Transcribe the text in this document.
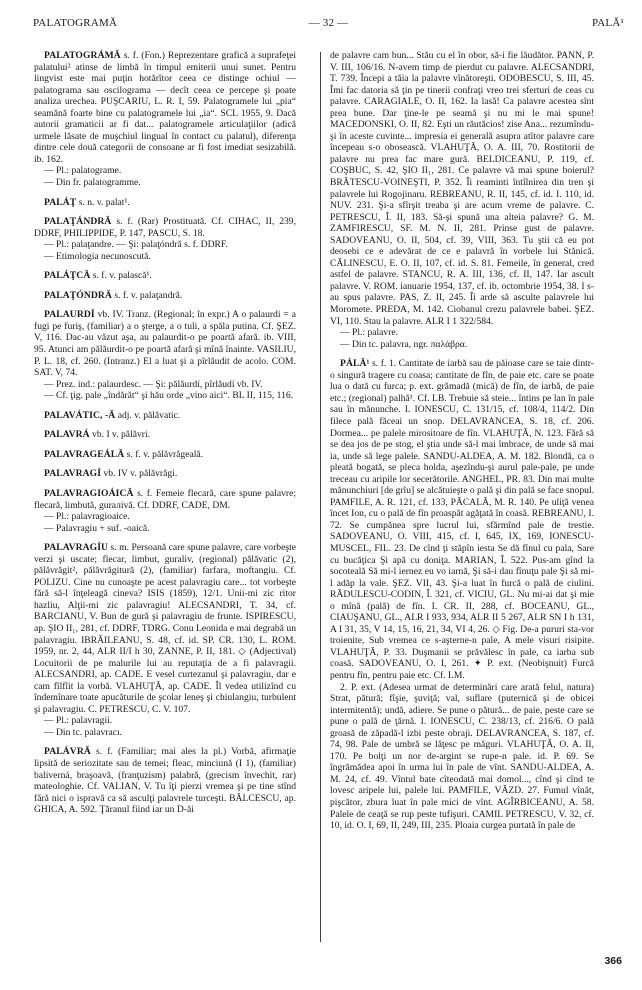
PALATOGRAMĂ	— 32 —	PALĂ¹

PALATOGRÁMĂ s. f. (Fon.) Reprezentare grafică a suprafeţei palatului² atinse de limbă în timpul emiterii unui sunet. Pentru lingvist este mai puţin hotărîtor ceea ce distinge ochiul — palatograma sau oscilograma — decît ceea ce percepe şi poate analiza urechea. PUŞCARIU, L. R. I, 59. Palatogramele lui „pia“ seamănă foarte bine cu palatogramele lui „ia“. SCL 1955, 9. Dacă autorii gramaticii ar fi dat... palatogramele articulaţiilor (adică urmele lăsate de muşchiul lingual în contact cu palatul), diferenţa dintre cele două categorii de consoane ar fi fost imediat sesizabilă. ib. 162.

— Pl.: palatograme.

— Din fr. palatogramme.

PALÁŢ s. n. v. palat¹.

PALAŢÁNDRĂ s. f. (Rar) Prostituată. Cf. CIHAC, II, 239, DDRF, PHILIPPIDE, P. 147, PASCU, S. 18.

— Pl.: palaţandre. — Şi: palaţóndră s. f. DDRF.

— Etimologia necunoscută.

PALÁŢCĂ s. f. v. palască¹.

PALAŢÓNDRĂ s. f. v. palaţandră.

PALAURDÍ vb. IV. Tranz. (Regional; în expr.) A o palaurdi = a fugi pe furiş, (familiar) a o şterge, a o tuli, a spăla putina. Cf. ŞEZ. V, 116. Dac-au văzut aşa, au palaurdit-o pe poartă afară. ib. VIII, 95. Atunci am pălăurdit-o pe poartă afară şi mînă înainte. VASILIU, P. L. 18, cf. 260. (Intranz.) El a luat şi a pîrlăudit de acolo. COM. SAT. V, 74.

— Prez. ind.: palaurdesc. — Şi: pălăurdí, pîrlăudí vb. IV.

— Cf. ţig. pale „îndărăt“ şi hău orde „vino aici“. BL II, 115, 116.

PALAVÁTIC, -Ă adj. v. pălăvatic.

PALAVRÁ vb. I v. pălăvri.

PALAVRAGEÁLĂ s. f. v. pălăvrăgeală.

PALAVRAGÍ vb. IV v. pălăvrăgi.

PALAVRAGIOÁICĂ s. f. Femeie flecară, care spune palavre; flecară, limbută, gurалivă. Cf. DDRF, CADE, DM.

— Pl.: palavragioaice.

— Palavragiu + suf. -oaică.

PALAVRAGÍU s. m. Persoană care spune palavre, care vorbeşte verzi şi uscate; flecar, limbut, guraliv, (regional) pălăvatic (2), pălăvrăgit², pălăvrăgitură (2), (familiar) farfara, moftangiu. Cf. POLIZU. Cine nu cunoaşte pe acest palavragiu care... tot vorbeşte fără să-l înţeleagă cineva? ISIS (1859), 12/1. Unii-mi zic ritor hazliu, Alţii-mi zic palavragiu! ALECSANDRI, T. 34, cf. BARCIANU, V. Bun de gură şi palavragiu de frunte. ISPIRESCU, ap. ŞIO II₁, 281, cf. DDRF, TDRG. Conu Leonida e mai degrabă un palavragiu. IBRĂILEANU, S. 48, cf. id. SP. CR. 130, L. ROM. 1959, nr. 2, 44, ALR II/I h 30, ZANNE, P. II, 181. ◇ (Adjectival) Locuitorii de pe malurile lui au reputaţia de a fi palavragii. ALECSANDRI, ap. CADE. E vesel curtezanul şi palavragiu, dar e cam fîlfîit la vorbă. VLAHUŢĂ, ap. CADE. Îl vedea utilizînd cu îndemînare toate apucăturile de şcolar leneş şi chiulangiu, turbulent şi palavragiu. C. PETRESCU, C. V. 107.

— Pl.: palavragii.

— Din tc. palavracı.

PALÁVRĂ s. f. (Familiar; mai ales la pl.) Vorbă, afirmaţie lipsită de seriozitate sau de temei; fleac, minciună (I 1), (familiar) baliverná, braşoavă, (franţuzism) palabră, (grecism învechit, rar) mateologhie. Cf. VALIAN, V. Tu îţi pierzi vremea şi pe tine stînd fără nici o ispravă ca să asculţi palavrele turceşti. BĂLCESCU, ap. GHICA, A. 592. Ţăranul fiind iar un D-ăi

de palavre cam bun... Stău cu el în obor, să-i fie lăudător. PANN, P. V. III, 106/16. N-avem timp de pierdut cu palavre. ALECSANDRI, T. 739. Începi a tăia la palavre vînătoreşti. ODOBESCU, S. III, 45. Îmi fac datoria să ţin pe tinerii confraţi vreo trei sferturi de ceas cu palavre. CARAGIALE, O. II, 162. Ia lasă! Ca palavre acestea sînt prea bune. Dar ţine-le pe seamă şi nu mi le mai spune! MACEDONSKI, O. II, 82. Eşti un răutăcios! zise Ana... rezumîndu-şi în aceste cuvinte... impresia ei generală asupra atîtor palavre care începeau s-o obosească. VLAHUŢĂ, O. A. III, 70. Rostitorii de palavre nu prea fac mare gură. BELDICEANU, P. 119, cf. COŞBUC, S. 42, ŞIO II₁, 281. Ce palavre vă mai spune boierul? BRĂTESCU-VOINEŞTI, P. 352. Îi reaminti întîlnirea din tren şi palavrele lui Rogojinaru. REBREANU, R. II, 145, cf. id. I. 110, id. NUV. 231. Şi-a sfîrşit treaba şi are acum vreme de palavre. C. PETRESCU, Î. II, 183. Să-şi spună una alteia palavre? G. M. ZAMFIRESCU, SF. M. N. II, 281. Prinse gust de palavre. SADOVEANU, O. II, 504, cf. 39, VIII, 363. Tu ştii că eu pot deosebi ce e adevărat de ce e palavră în vorbele lui Stănică. CĂLINESCU, E. O. II, 107, cf. id. S. 81. Femeile, în general, cred astfel de palavre. STANCU, R. A. III, 136, cf. II, 147. Iar ascult palavre. V. ROM. ianuarie 1954, 137, cf. ib. octombrie 1954, 38. I s-au spus palavre. PAS, Z. II, 245. Îi arde să asculte palavrele lui Moromete. PREDA, M. 142. Ciobanul crezu palavrele babei. ŞEZ. VI, 110. Stau la palavre. ALR I 1 322/584.

— Pl.: palavre.

— Din tc. palavra, ngr. παλάβρα.

PÁLĂ¹ s. f. 1. Cantitate de iarbă sau de păioase care se taie dintr-o singură tragere cu coasa; cantitate de fîn, de paie etc. care se poate lua o dată cu furca; p. ext. grămadă (mică) de fîn, de iarbă, de paie etc.; (regional) palhă¹. Cf. LB. Trebuie să steie... întins pe lan în pale sau în mănunche. I. IONESCU, C. 131/15, cf. 108/4, 114/2. Din filece pală făceai un snop. DELAVRANCEA, S. 18, cf. 206. Dormea... pe palele mirositoare de fîn. VLAHUŢĂ, N. 123. Fără să se dea jos de pe stog, el ştia unde să-l mai îmbrace, de unde să mai ia, unde să lege palele. SANDU-ALDEA, A. M. 182. Blondă, ca o pleată bogată, se pleca holda, aşezîndu-şi aurul pale-pale, pe unde treceau cu aripile lor secerătorile. ANGHEL, PR. 83. Din mai multe mănunchiuri [de grîu] se alcătuieşte o pală şi din pală se face snopul. PAMFILE, A. R. 121, cf. 133, PĂCALĂ, M. R. 140. Pe uliţă venea încet Ion, cu o pală de fîn proaspăt agăţată în coasă. REBREANU, I. 72. Se cumpănea spre lucrul lui, sfărmînd pale de trestie. SADOVEANU, O. VIII, 415, cf. I, 645, IX, 169, IONESCU-MUSCEL, FIL. 23. De cînd ţi stăpîn iesta Se dă fînul cu pala, Sare cu bucăţica Şi apă cu doniţa. MARIAN, Î. 522. Pus-am gînd la socoteală Să mi-l iernez eu vo iarnă, Şi să-i dau fînuţu pale Şi să mi-l adăp la vale. ŞEZ. VII, 43. Şi-a luat în furcă o pală de ciulini. RĂDULESCU-CODIN, Î. 321, cf. VICIU, GL. Nu mi-ai dat şi mie o mînă (pală) de fîn. I. CR. II, 288, cf. BOCEANU, GL., CIAUŞANU, GL., ALR I 933, 934, ALR II 5 267, ALR SN I h 131, A I 31, 35, V 14, 15, 16, 21, 34, VI 4, 26. ◇ Fig. De-a pururi sta-vor troienite, Sub vremea ce s-aşterne-n pale, A mele visuri risipite. VLAHUŢĂ, P. 33. Duşmanii se prăvălesc în pale, ca iarba sub coasă. SADOVEANU, O. I, 261. ✦ P. ext. (Neobişnuit) Furcă pentru fîn, pentru paie etc. Cf. LM.

2. P. ext. (Adesea urmat de determinări care arată felul, natura) Strat, pătură; fîşie, şuviţă; val, suflare (puternică şi de obicei intermitentă); undă, adiere. Se pune o pătură... de paie, peste care se pune o pală de ţărnă. I. IONESCU, C. 238/13, cf. 216/6. O pală groasă de zăpadă-l izbi peste obraji. DELAVRANCEA, S. 187, cf. 74, 98. Pale de umbră se lăţesc pe măguri. VLAHUŢĂ, O. A. II, 170. Pe bolţi un nor de-argint se rupe-n pale. id. P. 69. Se îngrămădea apoi în urma lui în pale de vînt. SANDU-ALDEA, A. M. 24, cf. 49. Vîntul bate cîteodată mai domol..., cînd şi cînd te lovesc aripele lui, palele lui. PAMFILE, VĂZD. 27. Fumul vînăt, pişcător, zbura luat în pale mici de vînt. AGÎRBICEANU, A. 58. Palele de ceaţă se rup peste tufişuri. CAMIL PETRESCU, V. 32, cf. 10, id. O. I, 69, II, 249, III, 235. Ploaia curgea purtată în pale de

366
